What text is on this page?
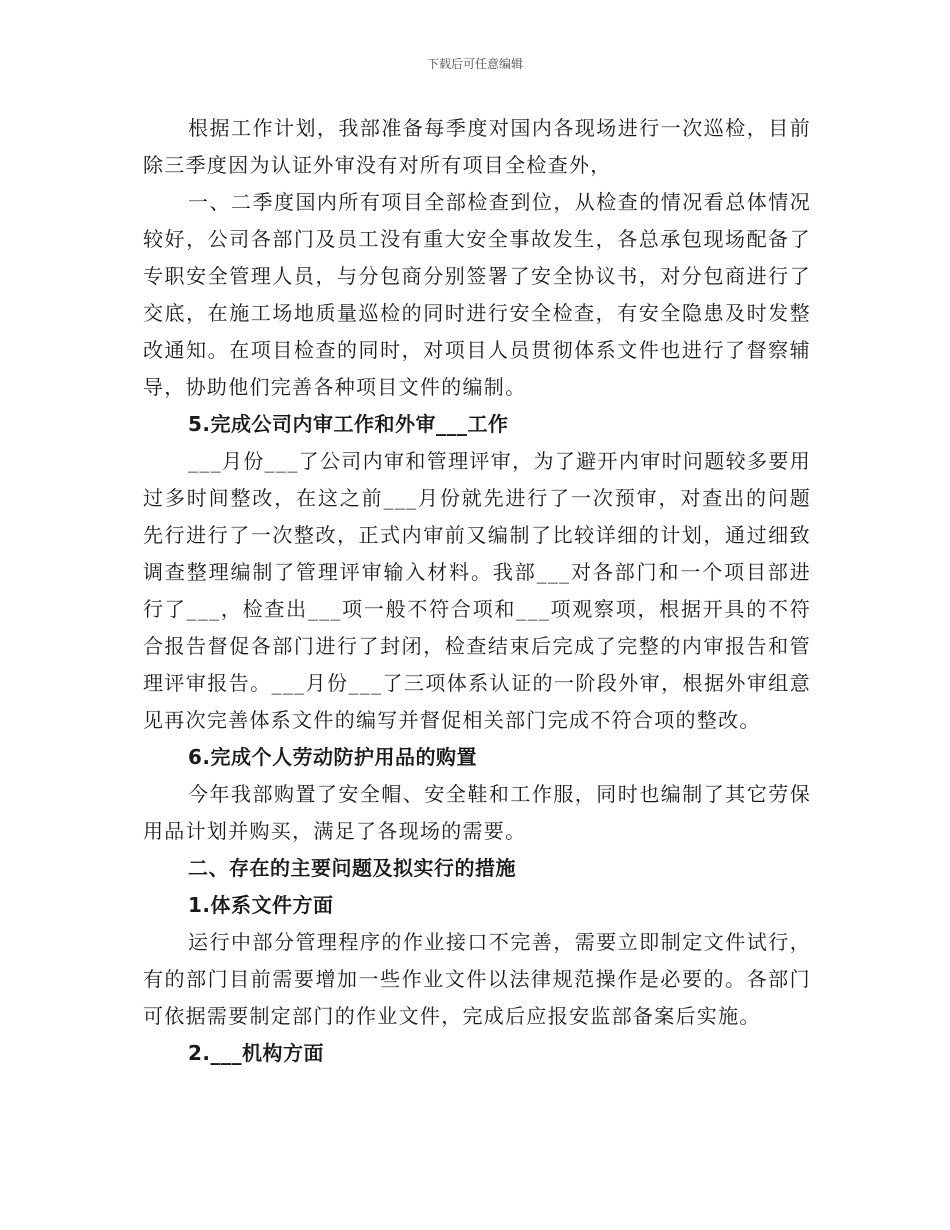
下载后可任意编辑

根据工作计划，我部准备每季度对国内各现场进行一次巡检，目前除三季度因为认证外审没有对所有项目全检查外，

一、二季度国内所有项目全部检查到位，从检查的情况看总体情况较好，公司各部门及员工没有重大安全事故发生，各总承包现场配备了专职安全管理人员，与分包商分别签署了安全协议书，对分包商进行了交底，在施工场地质量巡检的同时进行安全检查，有安全隐患及时发整改通知。在项目检查的同时，对项目人员贯彻体系文件也进行了督察辅导，协助他们完善各种项目文件的编制。

5.完成公司内审工作和外审___工作

___月份___了公司内审和管理评审，为了避开内审时问题较多要用过多时间整改，在这之前___月份就先进行了一次预审，对查出的问题先行进行了一次整改，正式内审前又编制了比较详细的计划，通过细致调查整理编制了管理评审输入材料。我部___对各部门和一个项目部进行了___，检查出___项一般不符合项和___项观察项，根据开具的不符合报告督促各部门进行了封闭，检查结束后完成了完整的内审报告和管理评审报告。___月份___了三项体系认证的一阶段外审，根据外审组意见再次完善体系文件的编写并督促相关部门完成不符合项的整改。

6.完成个人劳动防护用品的购置

今年我部购置了安全帽、安全鞋和工作服，同时也编制了其它劳保用品计划并购买，满足了各现场的需要。

二、存在的主要问题及拟实行的措施

1.体系文件方面

运行中部分管理程序的作业接口不完善，需要立即制定文件试行，有的部门目前需要增加一些作业文件以法律规范操作是必要的。各部门可依据需要制定部门的作业文件，完成后应报安监部备案后实施。

2.___机构方面
